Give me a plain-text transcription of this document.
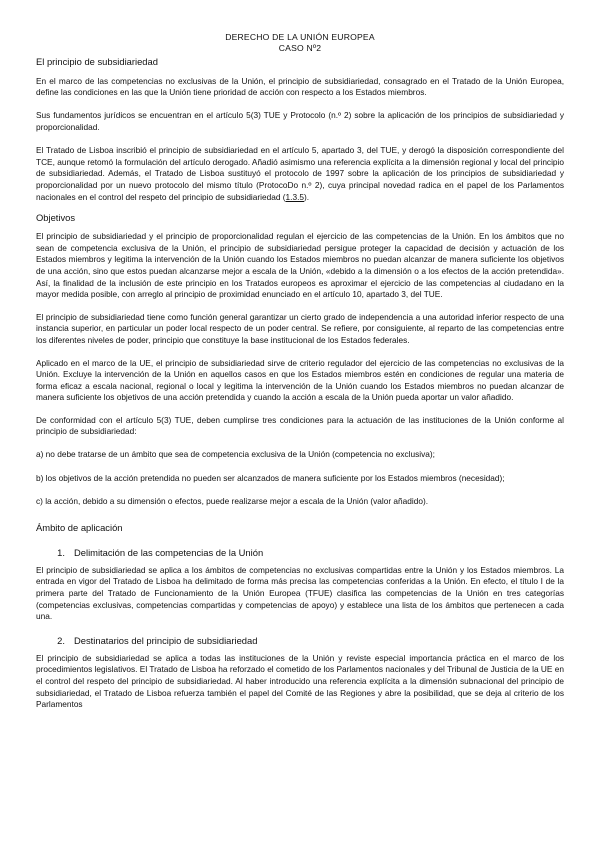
DERECHO DE LA UNIÓN EUROPEA
CASO Nº2
El principio de subsidiariedad

En el marco de las competencias no exclusivas de la Unión, el principio de subsidiariedad, consagrado en el Tratado de la Unión Europea, define las condiciones en las que la Unión tiene prioridad de acción con respecto a los Estados miembros.

Sus fundamentos jurídicos se encuentran en el artículo 5(3) TUE y Protocolo (n.º 2) sobre la aplicación de los principios de subsidiariedad y proporcionalidad.

El Tratado de Lisboa inscribió el principio de subsidiariedad en el artículo 5, apartado 3, del TUE, y derogó la disposición correspondiente del TCE, aunque retomó la formulación del artículo derogado. Añadió asimismo una referencia explícita a la dimensión regional y local del principio de subsidiariedad. Además, el Tratado de Lisboa sustituyó el protocolo de 1997 sobre la aplicación de los principios de subsidiariedad y proporcionalidad por un nuevo protocolo del mismo título (ProtocoDo n.º 2), cuya principal novedad radica en el papel de los Parlamentos nacionales en el control del respeto del principio de subsidiariedad (1.3.5).

Objetivos

El principio de subsidiariedad y el principio de proporcionalidad regulan el ejercicio de las competencias de la Unión. En los ámbitos que no sean de competencia exclusiva de la Unión, el principio de subsidiariedad persigue proteger la capacidad de decisión y actuación de los Estados miembros y legitima la intervención de la Unión cuando los Estados miembros no puedan alcanzar de manera suficiente los objetivos de una acción, sino que estos puedan alcanzarse mejor a escala de la Unión, «debido a la dimensión o a los efectos de la acción pretendida». Así, la finalidad de la inclusión de este principio en los Tratados europeos es aproximar el ejercicio de las competencias al ciudadano en la mayor medida posible, con arreglo al principio de proximidad enunciado en el artículo 10, apartado 3, del TUE.

El principio de subsidiariedad tiene como función general garantizar un cierto grado de independencia a una autoridad inferior respecto de una instancia superior, en particular un poder local respecto de un poder central. Se refiere, por consiguiente, al reparto de las competencias entre los diferentes niveles de poder, principio que constituye la base institucional de los Estados federales.

Aplicado en el marco de la UE, el principio de subsidiariedad sirve de criterio regulador del ejercicio de las competencias no exclusivas de la Unión. Excluye la intervención de la Unión en aquellos casos en que los Estados miembros estén en condiciones de regular una materia de forma eficaz a escala nacional, regional o local y legitima la intervención de la Unión cuando los Estados miembros no puedan alcanzar de manera suficiente los objetivos de una acción pretendida y cuando la acción a escala de la Unión pueda aportar un valor añadido.

De conformidad con el artículo 5(3) TUE, deben cumplirse tres condiciones para la actuación de las instituciones de la Unión conforme al principio de subsidiariedad:

a) no debe tratarse de un ámbito que sea de competencia exclusiva de la Unión (competencia no exclusiva);

b) los objetivos de la acción pretendida no pueden ser alcanzados de manera suficiente por los Estados miembros (necesidad);

c) la acción, debido a su dimensión o efectos, puede realizarse mejor a escala de la Unión (valor añadido).

Ámbito de aplicación
1. Delimitación de las competencias de la Unión

El principio de subsidiariedad se aplica a los ámbitos de competencias no exclusivas compartidas entre la Unión y los Estados miembros. La entrada en vigor del Tratado de Lisboa ha delimitado de forma más precisa las competencias conferidas a la Unión. En efecto, el título I de la primera parte del Tratado de Funcionamiento de la Unión Europea (TFUE) clasifica las competencias de la Unión en tres categorías (competencias exclusivas, competencias compartidas y competencias de apoyo) y establece una lista de los ámbitos que pertenecen a cada una.

2. Destinatarios del principio de subsidiariedad

El principio de subsidiariedad se aplica a todas las instituciones de la Unión y reviste especial importancia práctica en el marco de los procedimientos legislativos. El Tratado de Lisboa ha reforzado el cometido de los Parlamentos nacionales y del Tribunal de Justicia de la UE en el control del respeto del principio de subsidiariedad. Al haber introducido una referencia explícita a la dimensión subnacional del principio de subsidiariedad, el Tratado de Lisboa refuerza también el papel del Comité de las Regiones y abre la posibilidad, que se deja al criterio de los Parlamentos
